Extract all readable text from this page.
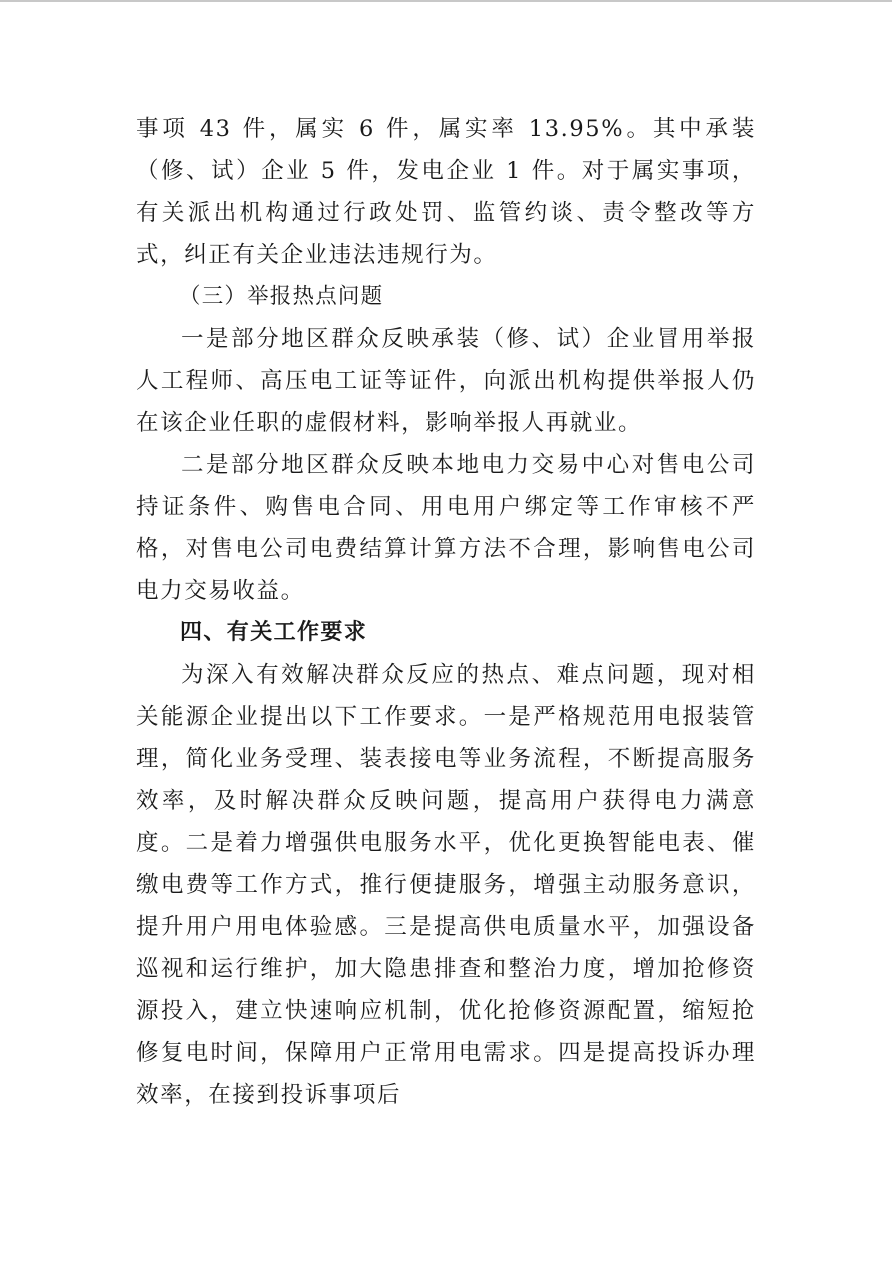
事项 43 件，属实 6 件，属实率 13.95%。其中承装（修、试）企业 5 件，发电企业 1 件。对于属实事项，有关派出机构通过行政处罚、监管约谈、责令整改等方式，纠正有关企业违法违规行为。

（三）举报热点问题

一是部分地区群众反映承装（修、试）企业冒用举报人工程师、高压电工证等证件，向派出机构提供举报人仍在该企业任职的虚假材料，影响举报人再就业。

二是部分地区群众反映本地电力交易中心对售电公司持证条件、购售电合同、用电用户绑定等工作审核不严格，对售电公司电费结算计算方法不合理，影响售电公司电力交易收益。

四、有关工作要求

为深入有效解决群众反应的热点、难点问题，现对相关能源企业提出以下工作要求。一是严格规范用电报装管理，简化业务受理、装表接电等业务流程，不断提高服务效率，及时解决群众反映问题，提高用户获得电力满意度。二是着力增强供电服务水平，优化更换智能电表、催缴电费等工作方式，推行便捷服务，增强主动服务意识，提升用户用电体验感。三是提高供电质量水平，加强设备巡视和运行维护，加大隐患排查和整治力度，增加抢修资源投入，建立快速响应机制，优化抢修资源配置，缩短抢修复电时间，保障用户正常用电需求。四是提高投诉办理效率，在接到投诉事项后
